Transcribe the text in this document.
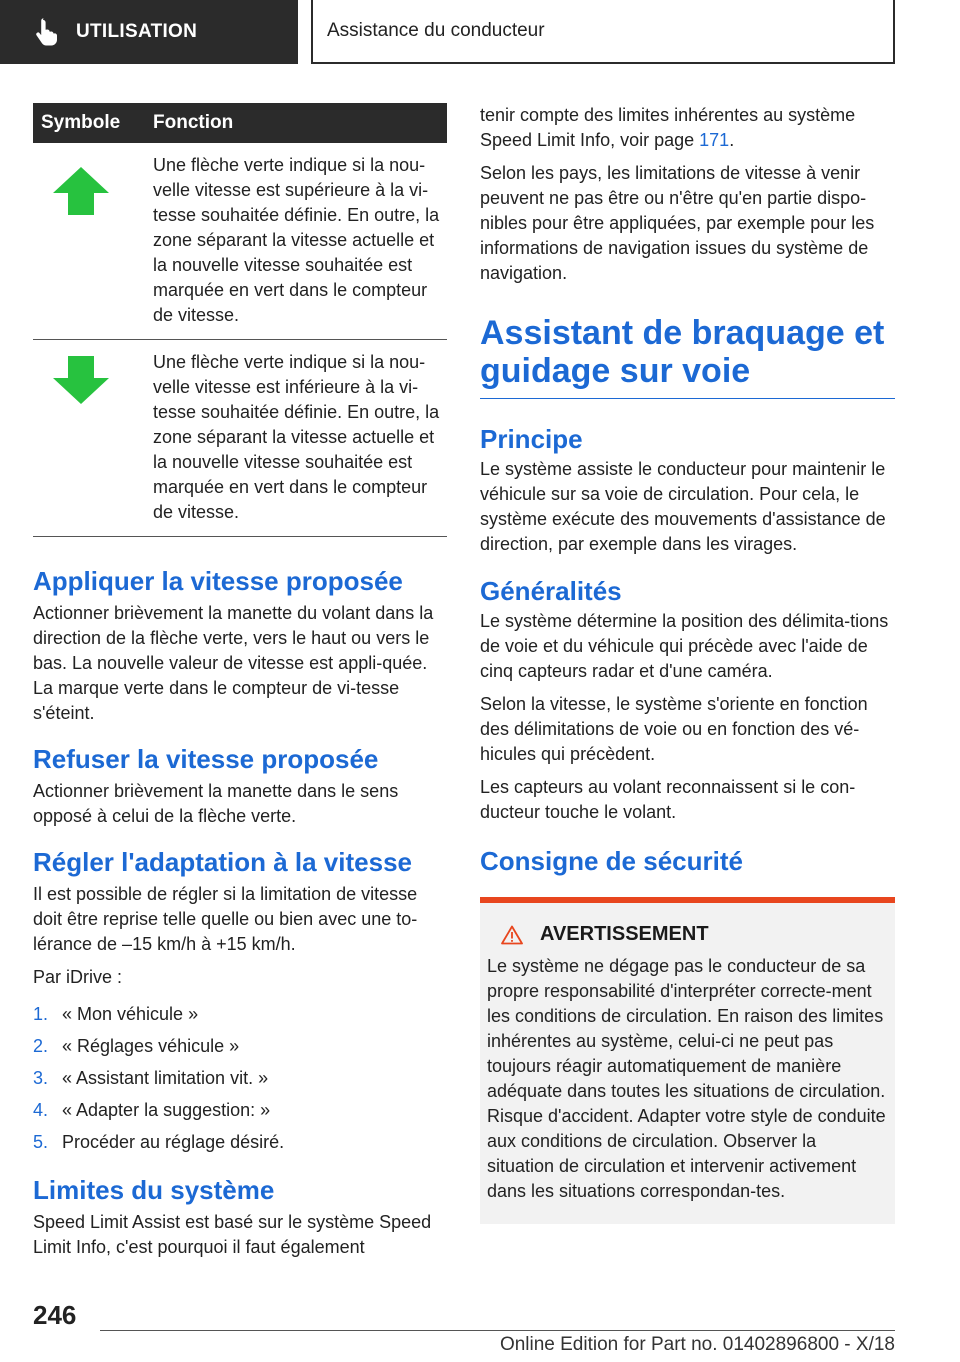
UTILISATION	Assistance du conducteur
Symbole	Fonction

Une flèche verte indique si la nou-velle vitesse est supérieure à la vi-tesse souhaitée définie. En outre, la zone séparant la vitesse actuelle et la nouvelle vitesse souhaitée est marquée en vert dans le compteur de vitesse.

Une flèche verte indique si la nou-velle vitesse est inférieure à la vi-tesse souhaitée définie. En outre, la zone séparant la vitesse actuelle et la nouvelle vitesse souhaitée est marquée en vert dans le compteur de vitesse.
Appliquer la vitesse proposée

Actionner brièvement la manette du volant dans la direction de la flèche verte, vers le haut ou vers le bas. La nouvelle valeur de vitesse est appli-quée. La marque verte dans le compteur de vi-tesse s'éteint.

Refuser la vitesse proposée

Actionner brièvement la manette dans le sens opposé à celui de la flèche verte.

Régler l'adaptation à la vitesse

Il est possible de régler si la limitation de vitesse doit être reprise telle quelle ou bien avec une to-lérance de –15 km/h à +15 km/h.

Par iDrive :

1. « Mon véhicule »
2. « Réglages véhicule »
3. « Assistant limitation vit. »
4. « Adapter la suggestion: »
5. Procéder au réglage désiré.
Limites du système

Speed Limit Assist est basé sur le système Speed Limit Info, c'est pourquoi il faut également

tenir compte des limites inhérentes au système Speed Limit Info, voir page 171.

Selon les pays, les limitations de vitesse à venir peuvent ne pas être ou n'être qu'en partie dispo-nibles pour être appliquées, par exemple pour les informations de navigation issues du système de navigation.

Assistant de braquage et guidage sur voie
Principe

Le système assiste le conducteur pour maintenir le véhicule sur sa voie de circulation. Pour cela, le système exécute des mouvements d'assistance de direction, par exemple dans les virages.

Généralités

Le système détermine la position des délimita-tions de voie et du véhicule qui précède avec l'aide de cinq capteurs radar et d'une caméra.

Selon la vitesse, le système s'oriente en fonction des délimitations de voie ou en fonction des vé-hicules qui précèdent.

Les capteurs au volant reconnaissent si le con-ducteur touche le volant.

Consigne de sécurité
AVERTISSEMENT

Le système ne dégage pas le conducteur de sa propre responsabilité d'interpréter correcte-ment les conditions de circulation. En raison des limites inhérentes au système, celui-ci ne peut pas toujours réagir automatiquement de manière adéquate dans toutes les situations de circulation. Risque d'accident. Adapter votre style de conduite aux conditions de circulation. Observer la situation de circulation et intervenir activement dans les situations correspondan-tes.

246
Online Edition for Part no. 01402896800 - X/18
